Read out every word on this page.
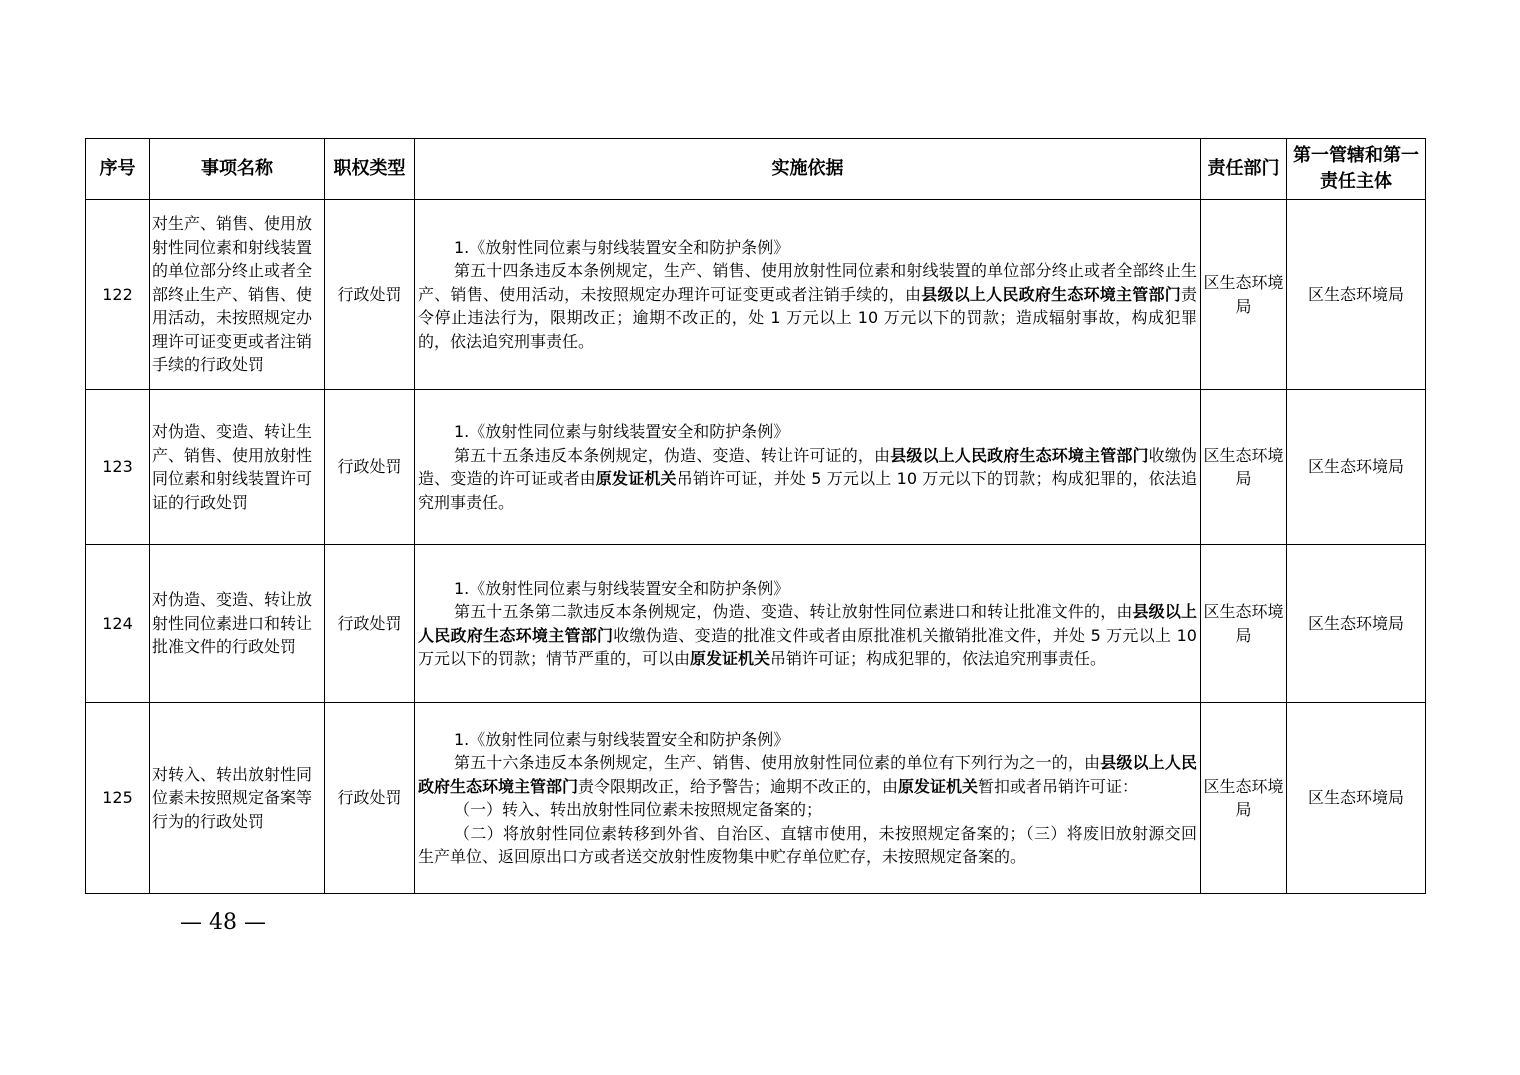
序号	事项名称	职权类型	实施依据	责任部门	第一管辖和第一责任主体
122	对生产、销售、使用放射性同位素和射线装置的单位部分终止或者全部终止生产、销售、使用活动，未按照规定办理许可证变更或者注销手续的行政处罚	行政处罚	1.《放射性同位素与射线装置安全和防护条例》

第五十四条违反本条例规定，生产、销售、使用放射性同位素和射线装置的单位部分终止或者全部终止生产、销售、使用活动，未按照规定办理许可证变更或者注销手续的，由县级以上人民政府生态环境主管部门责令停止违法行为，限期改正；逾期不改正的，处 1 万元以上 10 万元以下的罚款；造成辐射事故，构成犯罪的，依法追究刑事责任。	区生态环境局	区生态环境局
123	对伪造、变造、转让生产、销售、使用放射性同位素和射线装置许可证的行政处罚	行政处罚	1.《放射性同位素与射线装置安全和防护条例》

第五十五条违反本条例规定，伪造、变造、转让许可证的，由县级以上人民政府生态环境主管部门收缴伪造、变造的许可证或者由原发证机关吊销许可证，并处 5 万元以上 10 万元以下的罚款；构成犯罪的，依法追究刑事责任。	区生态环境局	区生态环境局
124	对伪造、变造、转让放射性同位素进口和转让批准文件的行政处罚	行政处罚	1.《放射性同位素与射线装置安全和防护条例》

第五十五条第二款违反本条例规定，伪造、变造、转让放射性同位素进口和转让批准文件的，由县级以上人民政府生态环境主管部门收缴伪造、变造的批准文件或者由原批准机关撤销批准文件，并处 5 万元以上 10 万元以下的罚款；情节严重的，可以由原发证机关吊销许可证；构成犯罪的，依法追究刑事责任。	区生态环境局	区生态环境局
125	对转入、转出放射性同位素未按照规定备案等行为的行政处罚	行政处罚	1.《放射性同位素与射线装置安全和防护条例》

第五十六条违反本条例规定，生产、销售、使用放射性同位素的单位有下列行为之一的，由县级以上人民政府生态环境主管部门责令限期改正，给予警告；逾期不改正的，由原发证机关暂扣或者吊销许可证：

（一）转入、转出放射性同位素未按照规定备案的；

（二）将放射性同位素转移到外省、自治区、直辖市使用，未按照规定备案的；（三）将废旧放射源交回生产单位、返回原出口方或者送交放射性废物集中贮存单位贮存，未按照规定备案的。	区生态环境局	区生态环境局
— 48 —
